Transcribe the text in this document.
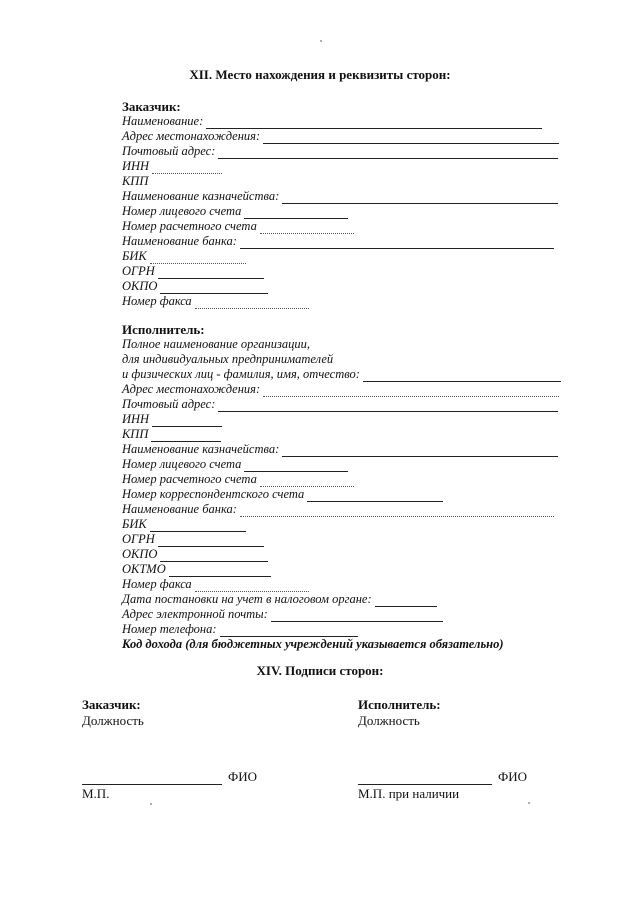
XII. Место нахождения и реквизиты сторон:
Заказчик:
Наименование:
Адрес местонахождения:
Почтовый адрес:
ИНН
КПП
Наименование казначейства:
Номер лицевого счета
Номер расчетного счета
Наименование банка:
БИК
ОГРН
ОКПО
Номер факса
Исполнитель:
Полное наименование организации,
для индивидуальных предпринимателей
и физических лиц - фамилия, имя, отчество:
Адрес местонахождения:
Почтовый адрес:
ИНН
КПП
Наименование казначейства:
Номер лицевого счета
Номер расчетного счета
Номер корреспондентского счета
Наименование банка:
БИК
ОГРН
ОКПО
ОКТМО
Номер факса
Дата постановки на учет в налоговом органе:
Адрес электронной почты:
Номер телефона:
Код дохода (для бюджетных учреждений указывается обязательно)
XIV. Подписи сторон:
Заказчик:
Должность
Исполнитель:
Должность
ФИО	ФИО
М.П.	М.П. при наличии
